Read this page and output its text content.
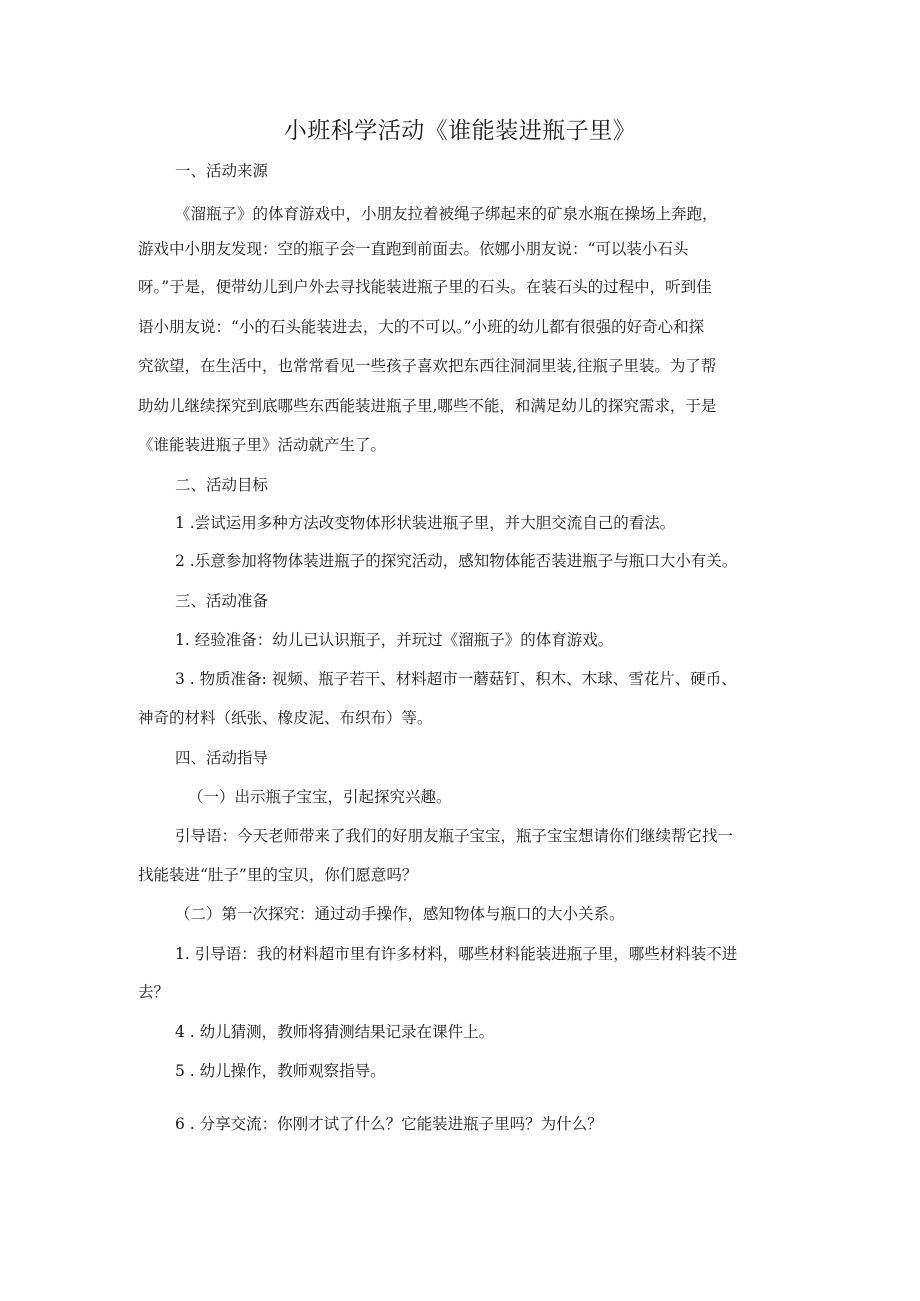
小班科学活动《谁能装进瓶子里》
一、活动来源
《溜瓶子》的体育游戏中，小朋友拉着被绳子绑起来的矿泉水瓶在操场上奔跑，
游戏中小朋友发现：空的瓶子会一直跑到前面去。依娜小朋友说：“可以装小石头
呀。”于是，便带幼儿到户外去寻找能装进瓶子里的石头。在装石头的过程中，听到佳
语小朋友说：“小的石头能装进去，大的不可以。”小班的幼儿都有很强的好奇心和探
究欲望，在生活中，也常常看见一些孩子喜欢把东西往洞洞里装,往瓶子里装。为了帮
助幼儿继续探究到底哪些东西能装进瓶子里,哪些不能，和满足幼儿的探究需求，于是
《谁能装进瓶子里》活动就产生了。
二、活动目标
1 .尝试运用多种方法改变物体形状装进瓶子里，并大胆交流自己的看法。
2 .乐意参加将物体装进瓶子的探究活动，感知物体能否装进瓶子与瓶口大小有关。
三、活动准备
1. 经验准备：幼儿已认识瓶子，并玩过《溜瓶子》的体育游戏。
3 . 物质准备: 视频、瓶子若干、材料超市一蘑菇钉、积木、木球、雪花片、硬币、
神奇的材料（纸张、橡皮泥、布织布）等。
四、活动指导
（一）出示瓶子宝宝，引起探究兴趣。
引导语：今天老师带来了我们的好朋友瓶子宝宝，瓶子宝宝想请你们继续帮它找一
找能装进“肚子”里的宝贝，你们愿意吗？
（二）第一次探究：通过动手操作，感知物体与瓶口的大小关系。
1. 引导语：我的材料超市里有许多材料，哪些材料能装进瓶子里，哪些材料装不进
去？
4 . 幼儿猜测，教师将猜测结果记录在课件上。
5 . 幼儿操作，教师观察指导。
6 . 分享交流：你刚才试了什么？它能装进瓶子里吗？为什么？
